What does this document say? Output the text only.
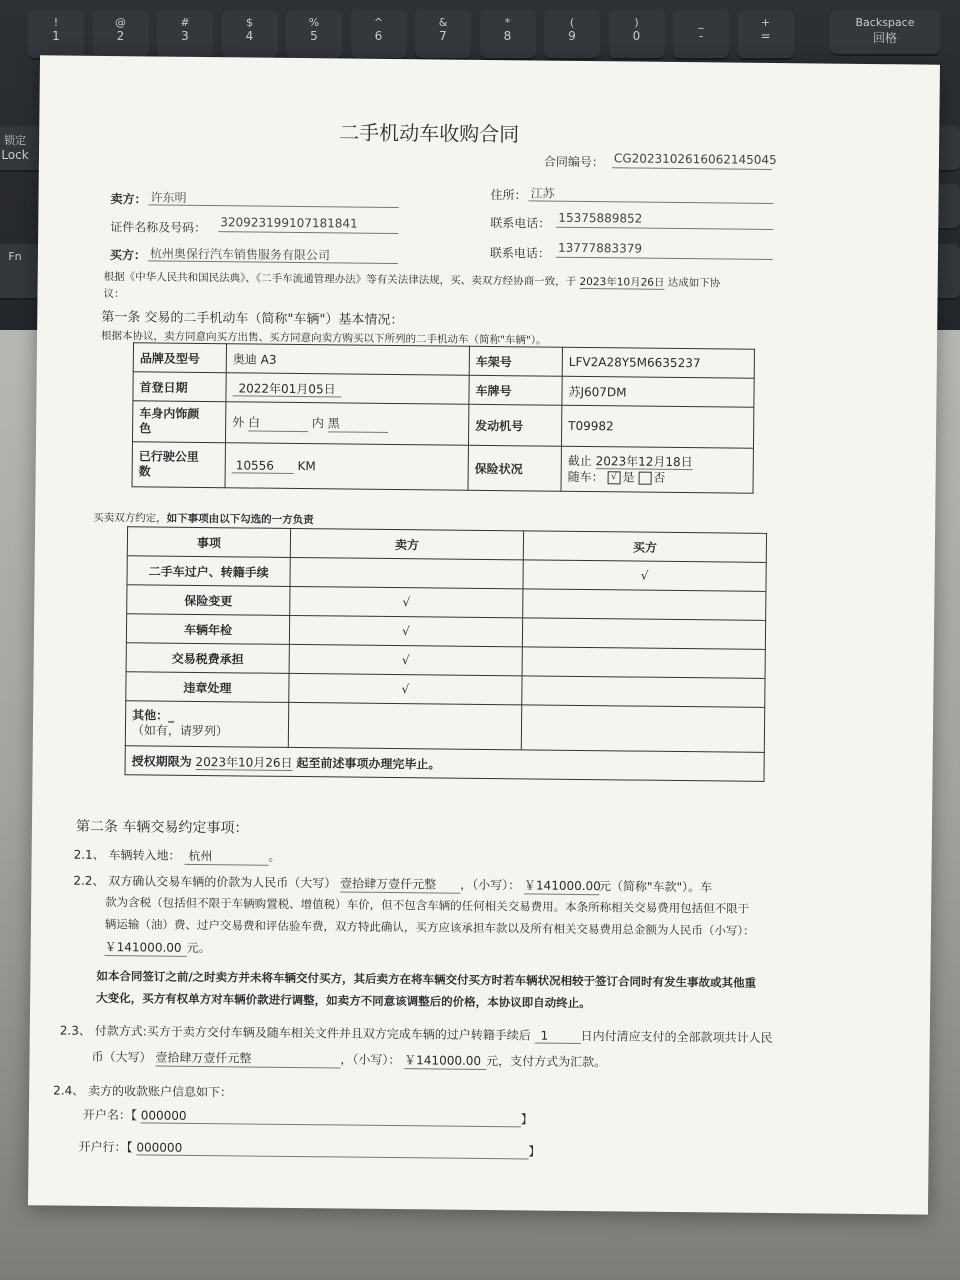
!
1
@
2
#
3
$
4
%
5
^
6
&
7
*
8
(
9
)
0
_
-
+
=
Backspace
回格
锁定
Lock
Fn
二手机动车收购合同
合同编号： CG2023102616062145045
卖方： 许东明	住所： 江苏
证件名称及号码： 320923199107181841	联系电话： 15375889852
买方： 杭州奥保行汽车销售服务有限公司	联系电话： 13777883379
根据《中华人民共和国民法典》、《二手车流通管理办法》等有关法律法规，买、卖双方经协商一致，于 2023年10月26日 达成如下协
议：
第一条 交易的二手机动车（简称"车辆"）基本情况：
根据本协议，卖方同意向买方出售、买方同意向卖方购买以下所列的二手机动车（简称"车辆"）。
品牌及型号	奥迪 A3	车架号	LFV2A28Y5M6635237
首登日期	2022年01月05日	车牌号	苏J607DM
车身内饰颜
色	外 白 内 黑	发动机号	T09982
已行驶公里
数	10556 KM	保险状况	截止 2023年12月18日
随车： √ 是 否
买卖双方约定，如下事项由以下勾选的一方负责
事项	卖方	买方
二手车过户、转籍手续		√
保险变更	√	
车辆年检	√	
交易税费承担	√	
违章处理	√	
其他：_
（如有，请罗列）		
授权期限为 2023年10月26日 起至前述事项办理完毕止。		
第二条 车辆交易约定事项：
2.1、 车辆转入地： 杭州	。
2.2、 双方确认交易车辆的价款为人民币（大写） 壹拾肆万壹仟元整 ，（小写）： ￥141000.00元（简称"车款"）。车
款为含税（包括但不限于车辆购置税、增值税）车价，但不包含车辆的任何相关交易费用。本条所称相关交易费用包括但不限于
辆运输（油）费、过户交易费和评估验车费，双方特此确认，买方应该承担车款以及所有相关交易费用总金额为人民币（小写）：
￥141000.00 元。
如本合同签订之前/之时卖方并未将车辆交付买方，其后卖方在将车辆交付买方时若车辆状况相较于签订合同时有发生事故或其他重
大变化，买方有权单方对车辆价款进行调整，如卖方不同意该调整后的价格，本协议即自动终止。
2.3、 付款方式:买方于卖方交付车辆及随车相关文件并且双方完成车辆的过户转籍手续后 1	日内付清应支付的全部款项共计人民
币（大写） 壹拾肆万壹仟元整	，（小写）： ￥141000.00 元，支付方式为汇款。
2.4、 卖方的收款账户信息如下：
开户名：【 000000	】
开户行：【 000000	】
